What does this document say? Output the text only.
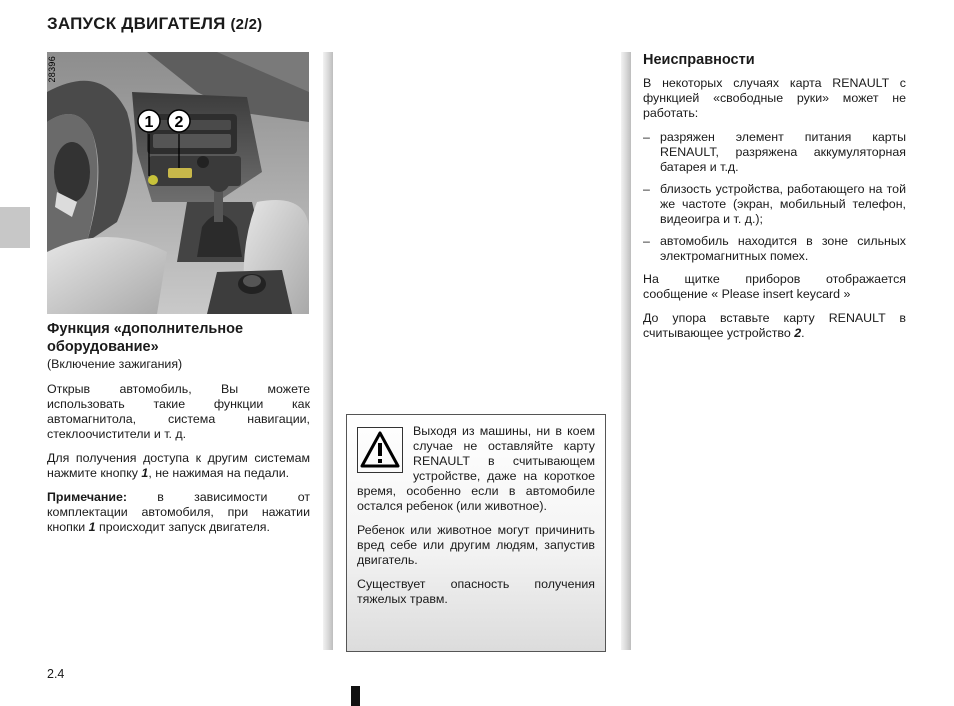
ЗАПУСК ДВИГАТЕЛЯ (2/2)
28396
1 2
Функция «дополнительное оборудование»

(Включение зажигания)

Открыв автомобиль, Вы можете использовать такие функции как автомагнитола, система навигации, стеклоочистители и т. д.

Для получения доступа к другим системам нажмите кнопку 1, не нажимая на педали.

Примечание: в зависимости от комплектации автомобиля, при нажатии кнопки 1 происходит запуск двигателя.

Выходя из машины, ни в коем случае не оставляйте карту RENAULT в считывающем устройстве, даже на короткое время, особенно если в автомобиле остался ребенок (или животное).

Ребенок или животное могут причинить вред себе или другим людям, запустив двигатель.

Существует опасность получения тяжелых травм.

Неисправности

В некоторых случаях карта RENAULT с функцией «свободные руки» может не работать:

– разряжен элемент питания карты RENAULT, разряжена аккумуляторная батарея и т.д.
– близость устройства, работающего на той же частоте (экран, мобильный телефон, видеоигра и т. д.);
– автомобиль находится в зоне сильных электромагнитных помех.

На щитке приборов отображается сообщение « Please insert keycard »

До упора вставьте карту RENAULT в считывающее устройство 2.

2.4
